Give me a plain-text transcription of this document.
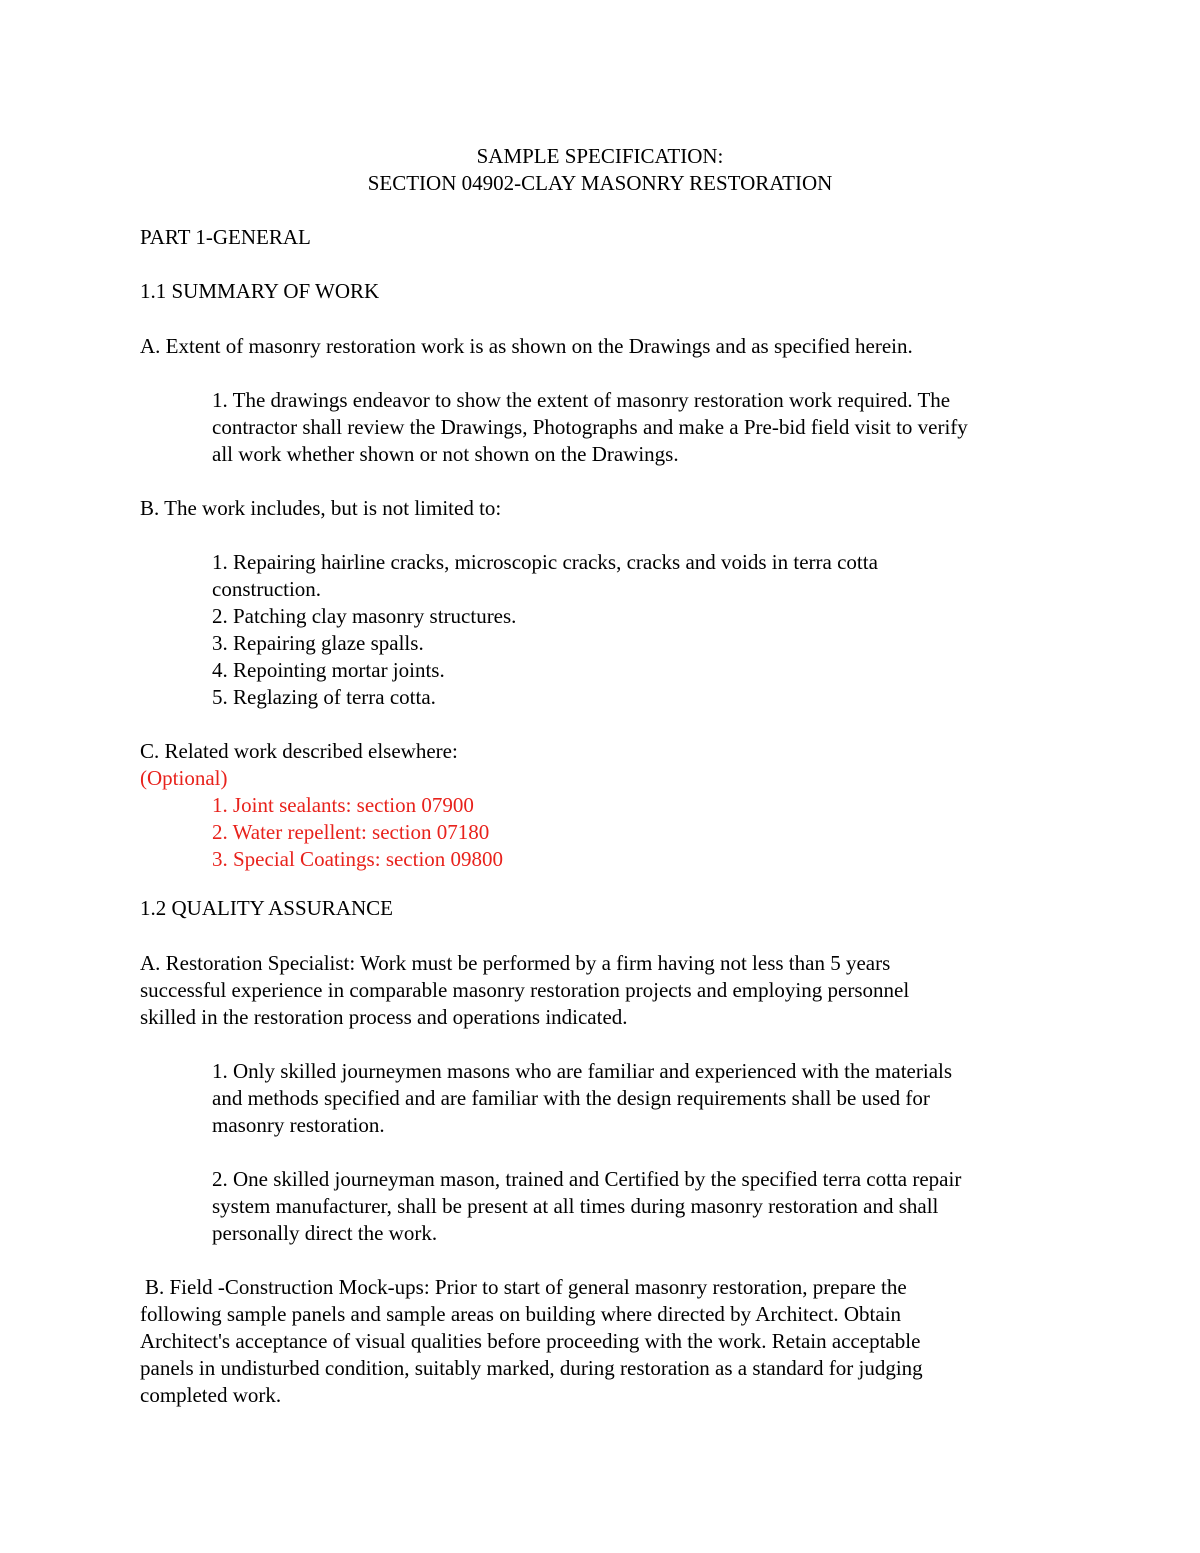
SAMPLE SPECIFICATION:
SECTION 04902-CLAY MASONRY RESTORATION
PART 1-GENERAL
1.1 SUMMARY OF WORK
A. Extent of masonry restoration work is as shown on the Drawings and as specified herein.
1. The drawings endeavor to show the extent of masonry restoration work required. The
contractor shall review the Drawings, Photographs and make a Pre-bid field visit to verify
all work whether shown or not shown on the Drawings.
B. The work includes, but is not limited to:
1. Repairing hairline cracks, microscopic cracks, cracks and voids in terra cotta
construction.
2. Patching clay masonry structures.
3. Repairing glaze spalls.
4. Repointing mortar joints.
5. Reglazing of terra cotta.
C. Related work described elsewhere:
(Optional)
1. Joint sealants: section 07900
2. Water repellent: section 07180
3. Special Coatings: section 09800
1.2 QUALITY ASSURANCE
A. Restoration Specialist: Work must be performed by a firm having not less than 5 years
successful experience in comparable masonry restoration projects and employing personnel
skilled in the restoration process and operations indicated.
1. Only skilled journeymen masons who are familiar and experienced with the materials
and methods specified and are familiar with the design requirements shall be used for
masonry restoration.
2. One skilled journeyman mason, trained and Certified by the specified terra cotta repair
system manufacturer, shall be present at all times during masonry restoration and shall
personally direct the work.
B. Field -Construction Mock-ups: Prior to start of general masonry restoration, prepare the
following sample panels and sample areas on building where directed by Architect. Obtain
Architect's acceptance of visual qualities before proceeding with the work. Retain acceptable
panels in undisturbed condition, suitably marked, during restoration as a standard for judging
completed work.
